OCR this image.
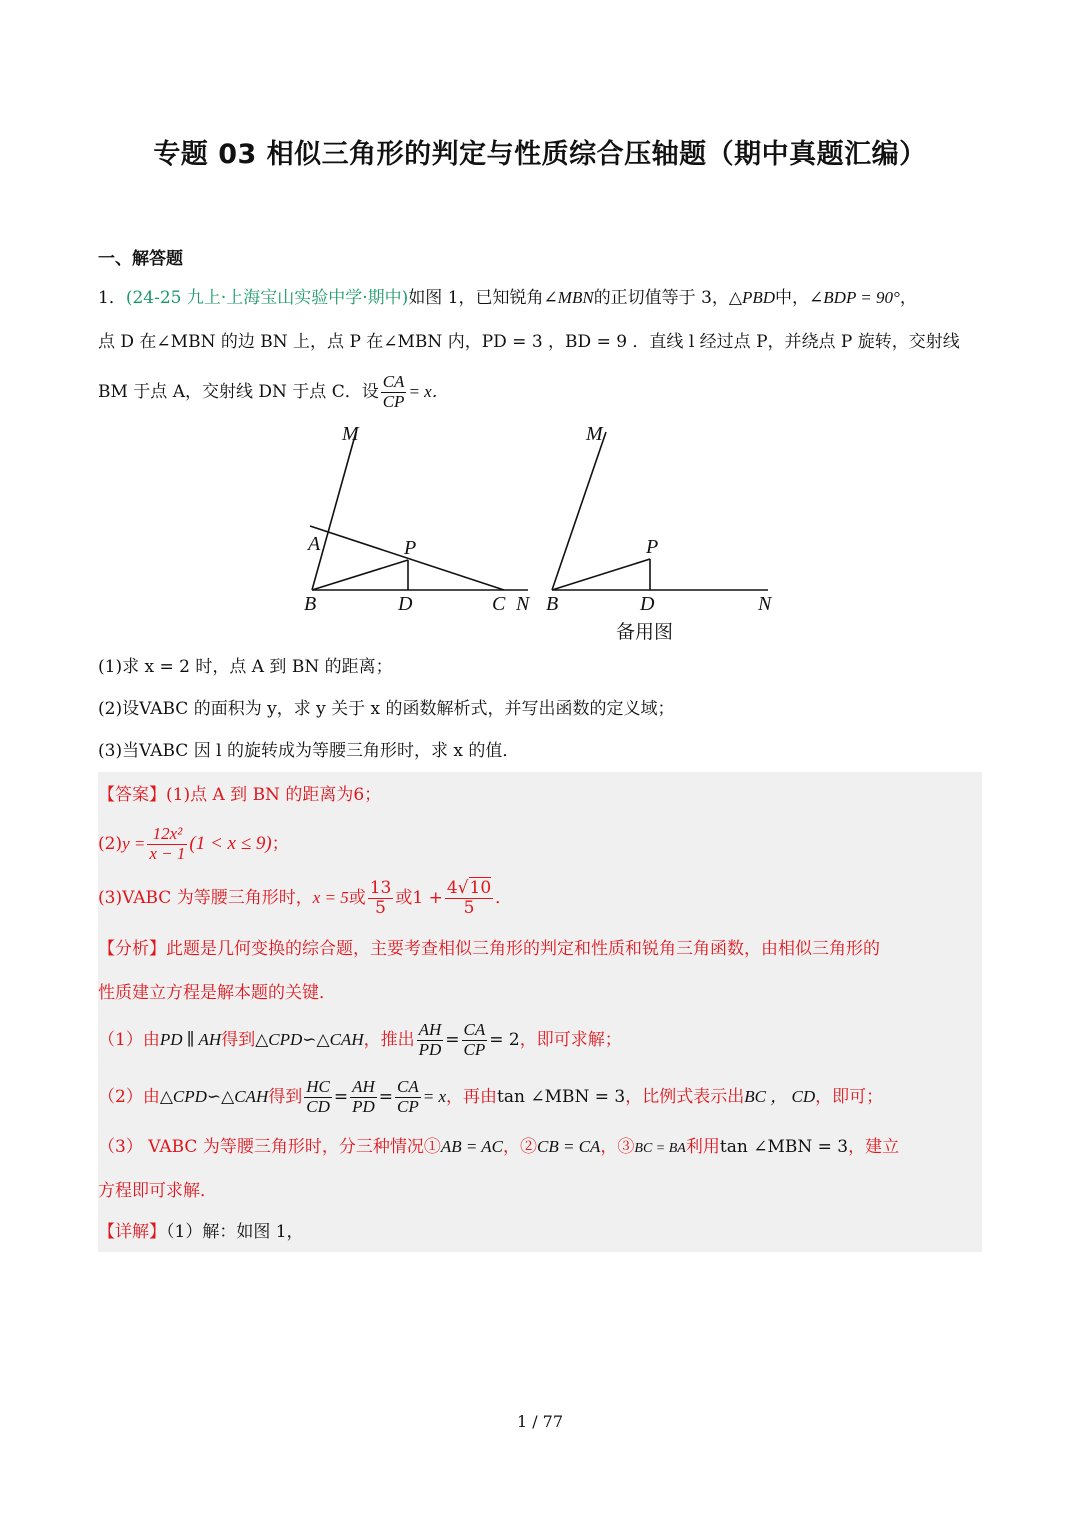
专题 03 相似三角形的判定与性质综合压轴题（期中真题汇编）
一、解答题
1．(24-25 九上·上海宝山实验中学·期中)如图 1，已知锐角∠MBN的正切值等于 3，△PBD中，∠BDP = 90°，
点 D 在∠MBN 的边 BN 上，点 P 在∠MBN 内，PD = 3 ，BD = 9 ．直线 l 经过点 P，并绕点 P 旋转，交射线
BM 于点 A，交射线 DN 于点 C．设 $\frac{CA}{CP} = x$．
M
A	P
B	D	C N
M
P
B	D	N
备用图
(1)求 x = 2 时，点 A 到 BN 的距离；
(2)设VABC 的面积为 y，求 y 关于 x 的函数解析式，并写出函数的定义域；
(3)当VABC 因 l 的旋转成为等腰三角形时，求 x 的值．
【答案】(1)点 A 到 BN 的距离为6；
$(2)y = \frac{\text{12x²}}{x - 1} (1 < x \le 9)$；
(3)VABC 为等腰三角形时，x = 5或 $\frac{13}{5}$ 或$1 + \frac{4√10}{5}$ ．
【分析】此题是几何变换的综合题，主要考查相似三角形的判定和性质和锐角三角函数，由相似三角形的
性质建立方程是解本题的关键．
（1）由PD ∥ AH得到△CPD∽△CAH，推出 $\frac{AH}{PD} = \frac{CA}{CP} = 2$，即可求解；
（2）由△CPD∽△CAH得到 $\frac{HC}{CD} = \frac{AH}{PD} = \frac{CA}{CP} = x$，再由tan ∠MBN = 3，比例式表示出BC ， CD，即可；
（3） VABC 为等腰三角形时，分三种情况①AB = AC，②CB = CA，③BC = BA利用tan ∠MBN = 3，建立
方程即可求解．
【详解】（1）解：如图 1，
1 / 77
